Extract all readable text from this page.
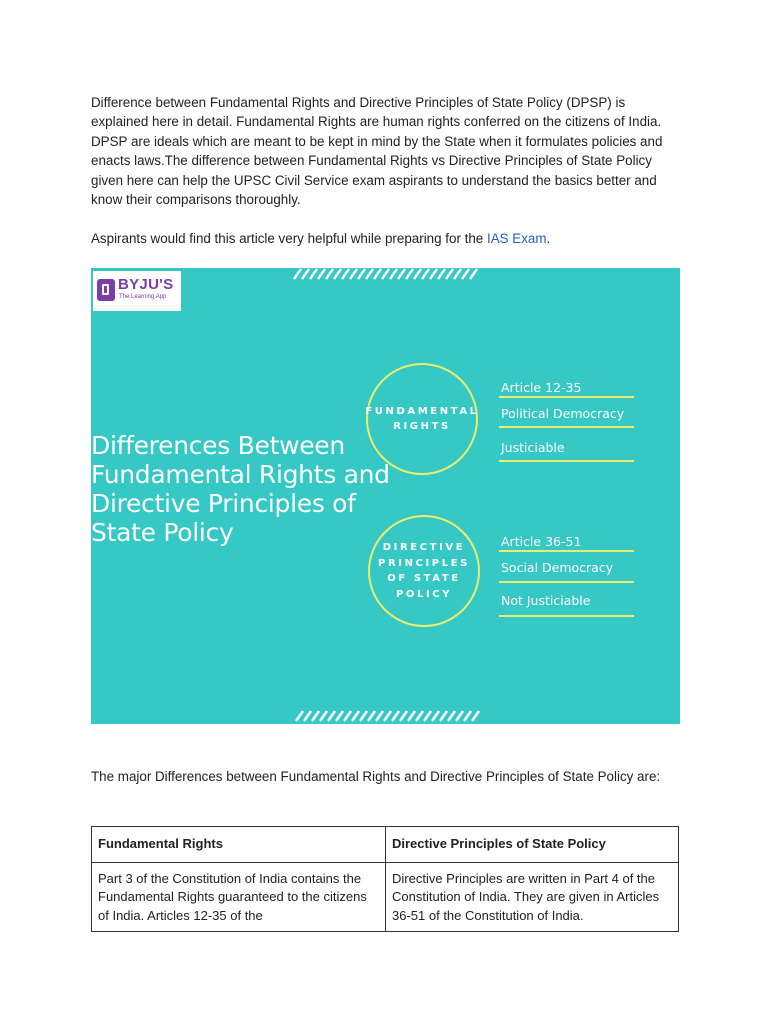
Difference between Fundamental Rights and Directive Principles of State Policy (DPSP) is explained here in detail. Fundamental Rights are human rights conferred on the citizens of India. DPSP are ideals which are meant to be kept in mind by the State when it formulates policies and enacts laws.The difference between Fundamental Rights vs Directive Principles of State Policy given here can help the UPSC Civil Service exam aspirants to understand the basics better and know their comparisons thoroughly.

Aspirants would find this article very helpful while preparing for the IAS Exam.

BYJU'S
The Learning App

Differences Between Fundamental Rights and Directive Principles of State Policy

FUNDAMENTAL
RIGHTS
Article 12-35
Political Democracy
Justiciable
DIRECTIVE
PRINCIPLES
OF STATE
POLICY
Article 36-51
Social Democracy
Not Justiciable

The major Differences between Fundamental Rights and Directive Principles of State Policy are:

Fundamental Rights	Directive Principles of State Policy
Part 3 of the Constitution of India contains the Fundamental Rights guaranteed to the citizens of India. Articles 12-35 of the	Directive Principles are written in Part 4 of the Constitution of India. They are given in Articles 36-51 of the Constitution of India.
